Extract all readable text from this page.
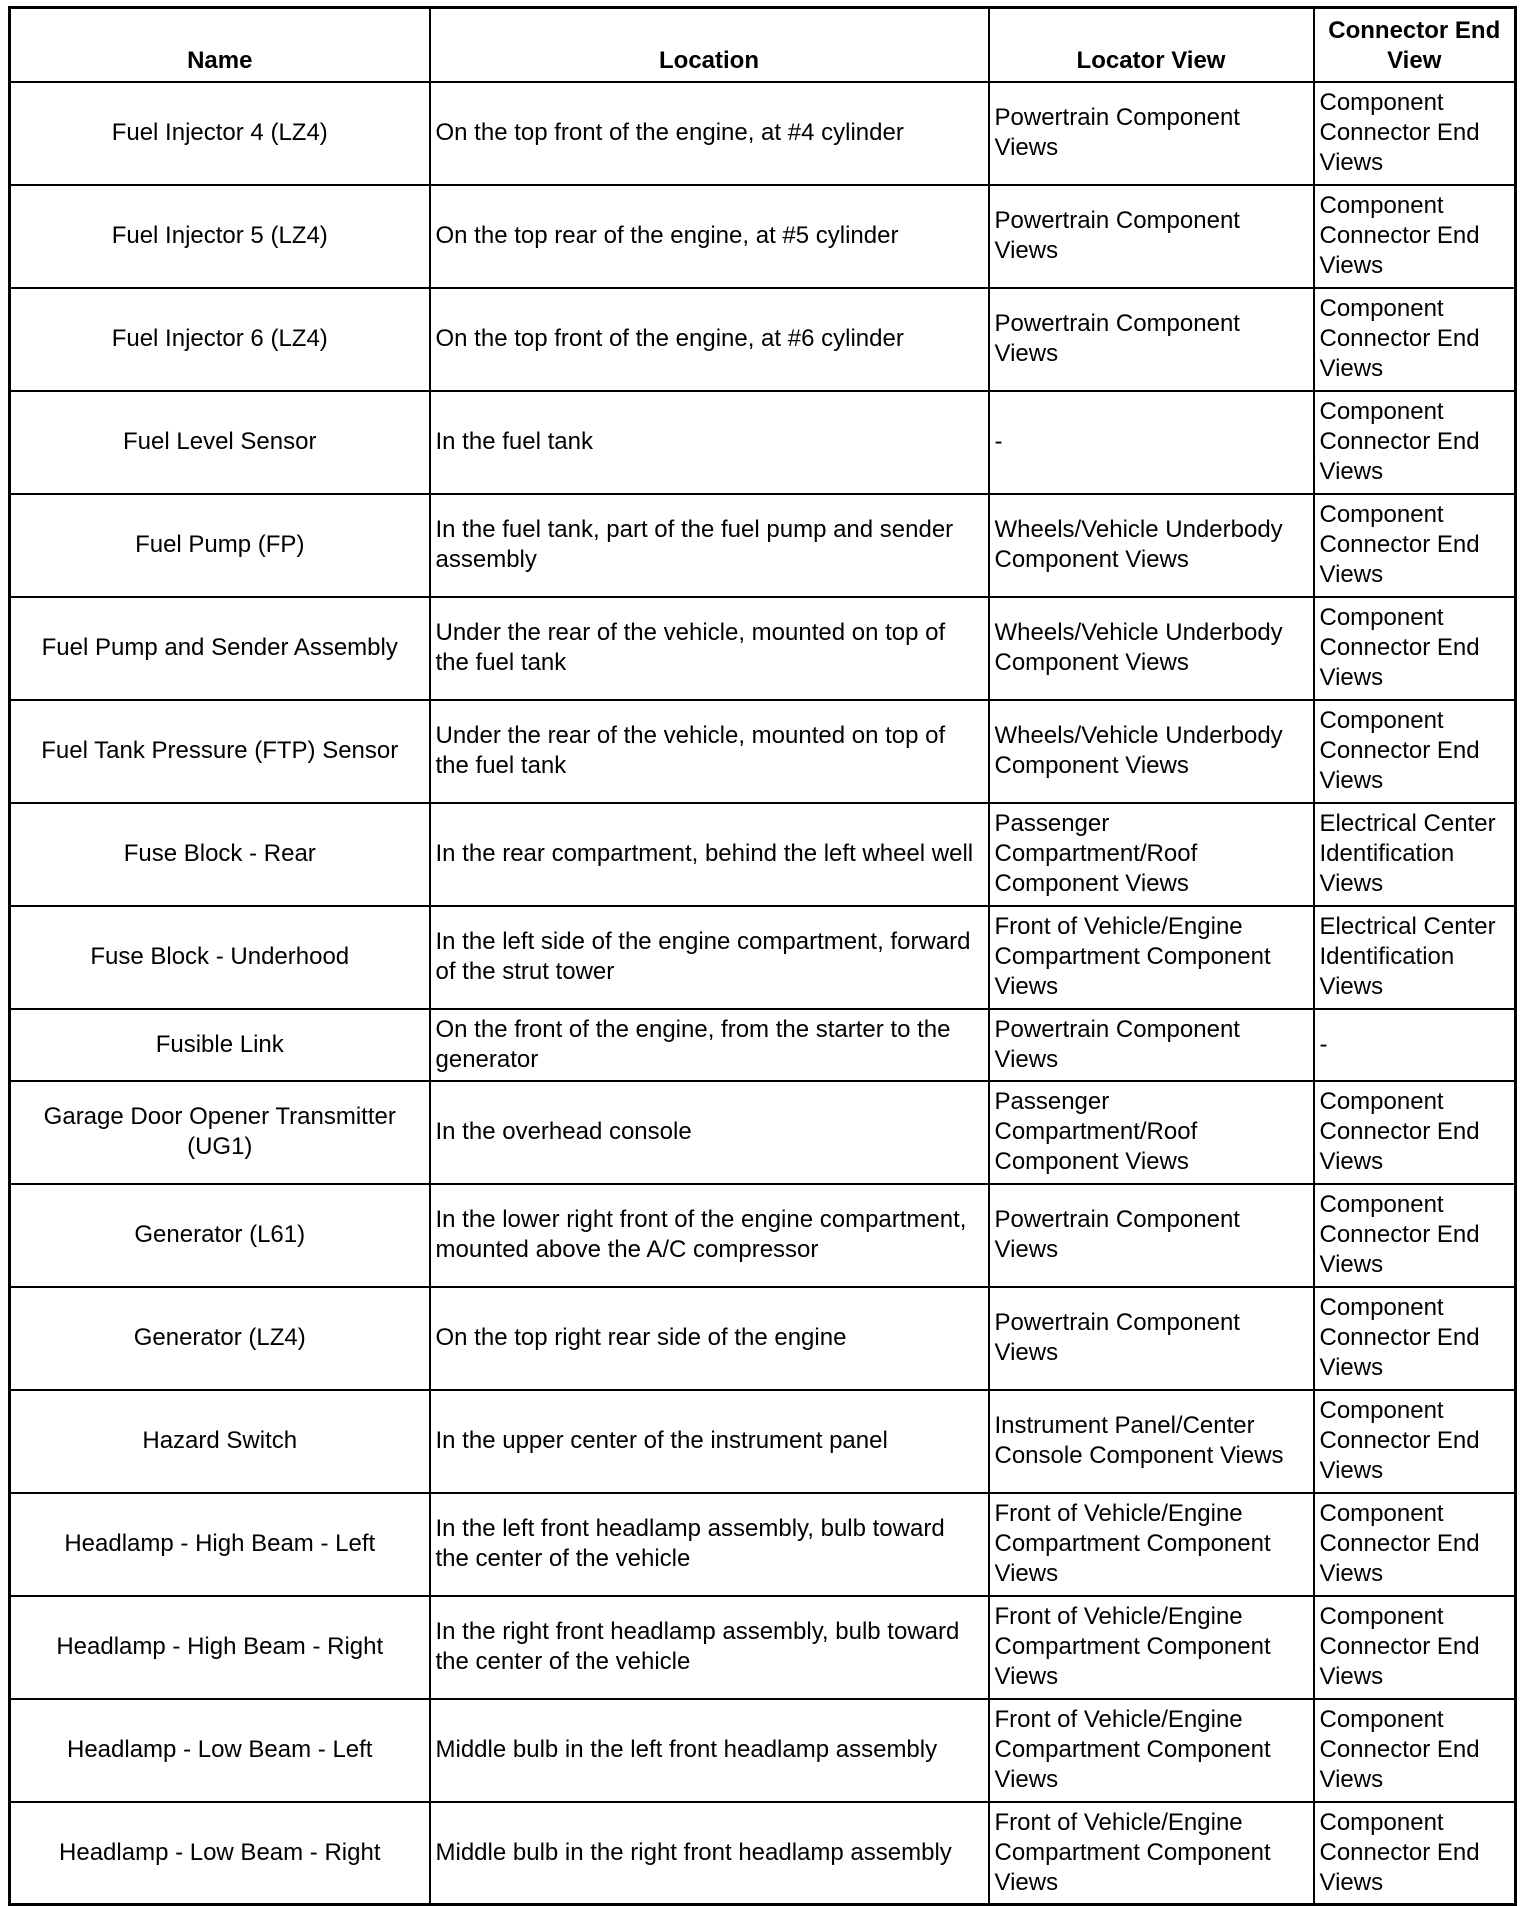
Name	Location	Locator View	Connector End View
Fuel Injector 4 (LZ4)	On the top front of the engine, at #4 cylinder	Powertrain Component Views	Component Connector End Views
Fuel Injector 5 (LZ4)	On the top rear of the engine, at #5 cylinder	Powertrain Component Views	Component Connector End Views
Fuel Injector 6 (LZ4)	On the top front of the engine, at #6 cylinder	Powertrain Component Views	Component Connector End Views
Fuel Level Sensor	In the fuel tank	-	Component Connector End Views
Fuel Pump (FP)	In the fuel tank, part of the fuel pump and sender assembly	Wheels/Vehicle Underbody Component Views	Component Connector End Views
Fuel Pump and Sender Assembly	Under the rear of the vehicle, mounted on top of the fuel tank	Wheels/Vehicle Underbody Component Views	Component Connector End Views
Fuel Tank Pressure (FTP) Sensor	Under the rear of the vehicle, mounted on top of the fuel tank	Wheels/Vehicle Underbody Component Views	Component Connector End Views
Fuse Block - Rear	In the rear compartment, behind the left wheel well	Passenger Compartment/Roof Component Views	Electrical Center Identification Views
Fuse Block - Underhood	In the left side of the engine compartment, forward of the strut tower	Front of Vehicle/Engine Compartment Component Views	Electrical Center Identification Views
Fusible Link	On the front of the engine, from the starter to the generator	Powertrain Component Views	-
Garage Door Opener Transmitter (UG1)	In the overhead console	Passenger Compartment/Roof Component Views	Component Connector End Views
Generator (L61)	In the lower right front of the engine compartment, mounted above the A/C compressor	Powertrain Component Views	Component Connector End Views
Generator (LZ4)	On the top right rear side of the engine	Powertrain Component Views	Component Connector End Views
Hazard Switch	In the upper center of the instrument panel	Instrument Panel/Center Console Component Views	Component Connector End Views
Headlamp - High Beam - Left	In the left front headlamp assembly, bulb toward the center of the vehicle	Front of Vehicle/Engine Compartment Component Views	Component Connector End Views
Headlamp - High Beam - Right	In the right front headlamp assembly, bulb toward the center of the vehicle	Front of Vehicle/Engine Compartment Component Views	Component Connector End Views
Headlamp - Low Beam - Left	Middle bulb in the left front headlamp assembly	Front of Vehicle/Engine Compartment Component Views	Component Connector End Views
Headlamp - Low Beam - Right	Middle bulb in the right front headlamp assembly	Front of Vehicle/Engine Compartment Component Views	Component Connector End Views
